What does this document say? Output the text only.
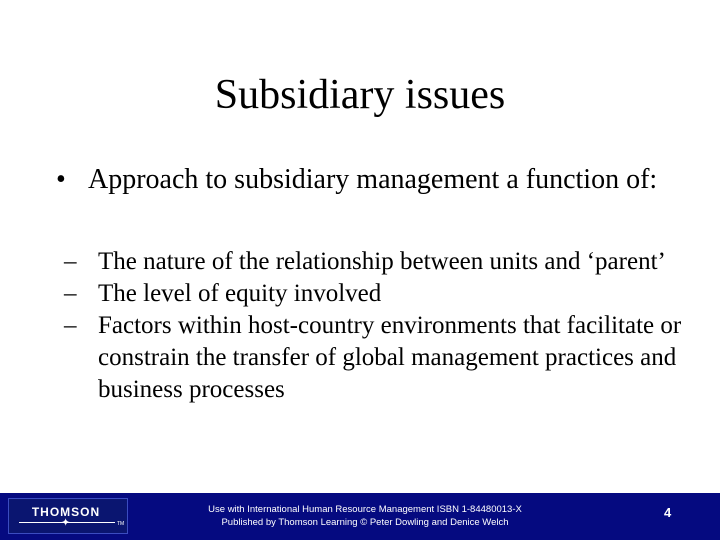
Subsidiary issues
• Approach to subsidiary management a function of:
– The nature of the relationship between units and ‘parent’
– The level of equity involved
– Factors within host-country environments that facilitate or constrain the transfer of global management practices and business processes
THOMSON
✦	TM
Use with International Human Resource Management ISBN 1-84480013-X
Published by Thomson Learning © Peter Dowling and Denice Welch
4
